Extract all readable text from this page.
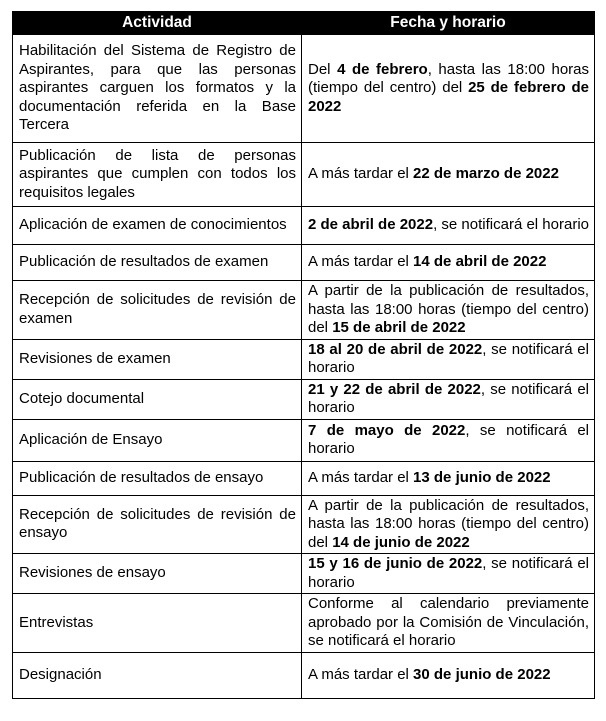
Actividad	Fecha y horario
Habilitación del Sistema de Registro de Aspirantes, para que las personas aspirantes carguen los formatos y la documentación referida en la Base Tercera	Del 4 de febrero, hasta las 18:00 horas (tiempo del centro) del 25 de febrero de 2022
Publicación de lista de personas aspirantes que cumplen con todos los requisitos legales	A más tardar el 22 de marzo de 2022
Aplicación de examen de conocimientos	2 de abril de 2022, se notificará el horario
Publicación de resultados de examen	A más tardar el 14 de abril de 2022
Recepción de solicitudes de revisión de examen	A partir de la publicación de resultados, hasta las 18:00 horas (tiempo del centro) del 15 de abril de 2022
Revisiones de examen	18 al 20 de abril de 2022, se notificará el horario
Cotejo documental	21 y 22 de abril de 2022, se notificará el horario
Aplicación de Ensayo	7 de mayo de 2022, se notificará el horario
Publicación de resultados de ensayo	A más tardar el 13 de junio de 2022
Recepción de solicitudes de revisión de ensayo	A partir de la publicación de resultados, hasta las 18:00 horas (tiempo del centro) del 14 de junio de 2022
Revisiones de ensayo	15 y 16 de junio de 2022, se notificará el horario
Entrevistas	Conforme al calendario previamente aprobado por la Comisión de Vinculación, se notificará el horario
Designación	A más tardar el 30 de junio de 2022
